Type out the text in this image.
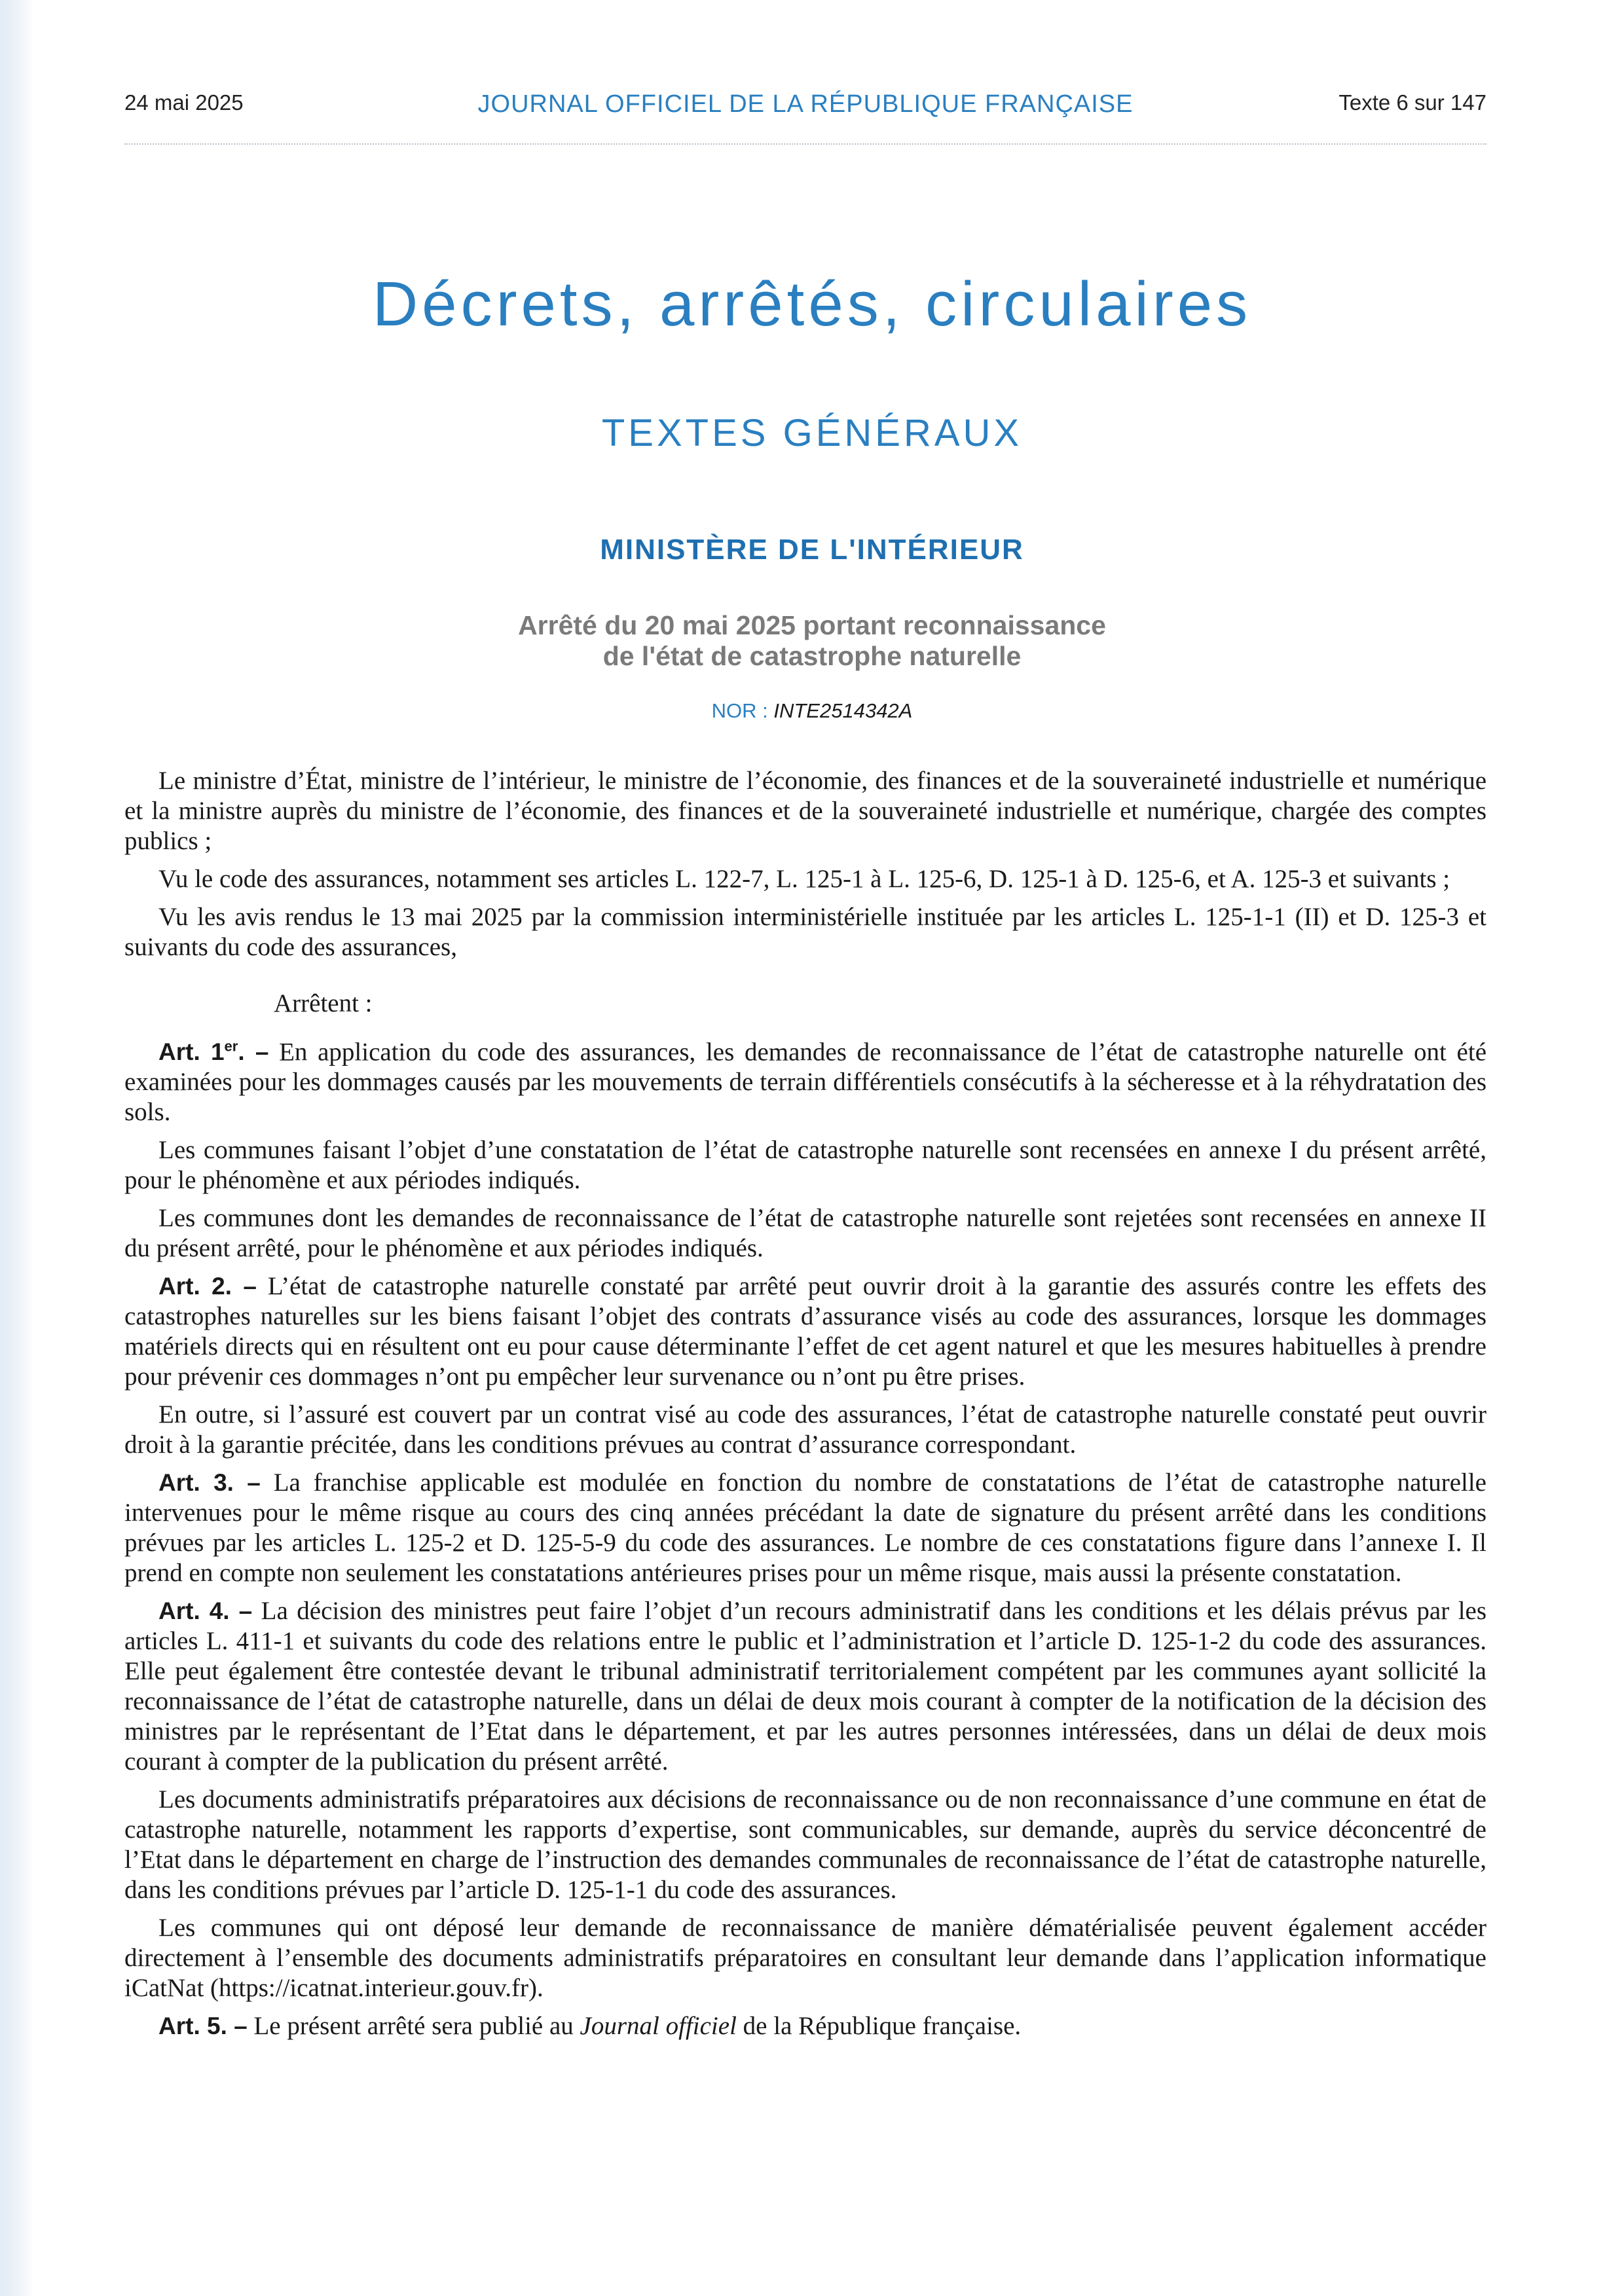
24 mai 2025	JOURNAL OFFICIEL DE LA RÉPUBLIQUE FRANÇAISE	Texte 6 sur 147
Décrets, arrêtés, circulaires
TEXTES GÉNÉRAUX
MINISTÈRE DE L'INTÉRIEUR
Arrêté du 20 mai 2025 portant reconnaissance
de l'état de catastrophe naturelle
NOR : INTE2514342A

Le ministre d’État, ministre de l’intérieur, le ministre de l’économie, des finances et de la souveraineté industrielle et numérique et la ministre auprès du ministre de l’économie, des finances et de la souveraineté industrielle et numérique, chargée des comptes publics ;

Vu le code des assurances, notamment ses articles L. 122-7, L. 125-1 à L. 125-6, D. 125-1 à D. 125-6, et A. 125-3 et suivants ;

Vu les avis rendus le 13 mai 2025 par la commission interministérielle instituée par les articles L. 125-1-1 (II) et D. 125-3 et suivants du code des assurances,

Arrêtent :

Art. 1er. – En application du code des assurances, les demandes de reconnaissance de l’état de catastrophe naturelle ont été examinées pour les dommages causés par les mouvements de terrain différentiels consécutifs à la sécheresse et à la réhydratation des sols.

Les communes faisant l’objet d’une constatation de l’état de catastrophe naturelle sont recensées en annexe I du présent arrêté, pour le phénomène et aux périodes indiqués.

Les communes dont les demandes de reconnaissance de l’état de catastrophe naturelle sont rejetées sont recensées en annexe II du présent arrêté, pour le phénomène et aux périodes indiqués.

Art. 2. – L’état de catastrophe naturelle constaté par arrêté peut ouvrir droit à la garantie des assurés contre les effets des catastrophes naturelles sur les biens faisant l’objet des contrats d’assurance visés au code des assurances, lorsque les dommages matériels directs qui en résultent ont eu pour cause déterminante l’effet de cet agent naturel et que les mesures habituelles à prendre pour prévenir ces dommages n’ont pu empêcher leur survenance ou n’ont pu être prises.

En outre, si l’assuré est couvert par un contrat visé au code des assurances, l’état de catastrophe naturelle constaté peut ouvrir droit à la garantie précitée, dans les conditions prévues au contrat d’assurance correspondant.

Art. 3. – La franchise applicable est modulée en fonction du nombre de constatations de l’état de catastrophe naturelle intervenues pour le même risque au cours des cinq années précédant la date de signature du présent arrêté dans les conditions prévues par les articles L. 125-2 et D. 125-5-9 du code des assurances. Le nombre de ces constatations figure dans l’annexe I. Il prend en compte non seulement les constatations antérieures prises pour un même risque, mais aussi la présente constatation.

Art. 4. – La décision des ministres peut faire l’objet d’un recours administratif dans les conditions et les délais prévus par les articles L. 411-1 et suivants du code des relations entre le public et l’administration et l’article D. 125-1-2 du code des assurances. Elle peut également être contestée devant le tribunal administratif territorialement compétent par les communes ayant sollicité la reconnaissance de l’état de catastrophe naturelle, dans un délai de deux mois courant à compter de la notification de la décision des ministres par le représentant de l’Etat dans le département, et par les autres personnes intéressées, dans un délai de deux mois courant à compter de la publication du présent arrêté.

Les documents administratifs préparatoires aux décisions de reconnaissance ou de non reconnaissance d’une commune en état de catastrophe naturelle, notamment les rapports d’expertise, sont communicables, sur demande, auprès du service déconcentré de l’Etat dans le département en charge de l’instruction des demandes communales de reconnaissance de l’état de catastrophe naturelle, dans les conditions prévues par l’article D. 125-1-1 du code des assurances.

Les communes qui ont déposé leur demande de reconnaissance de manière dématérialisée peuvent également accéder directement à l’ensemble des documents administratifs préparatoires en consultant leur demande dans l’application informatique iCatNat (https://icatnat.interieur.gouv.fr).

Art. 5. – Le présent arrêté sera publié au Journal officiel de la République française.
